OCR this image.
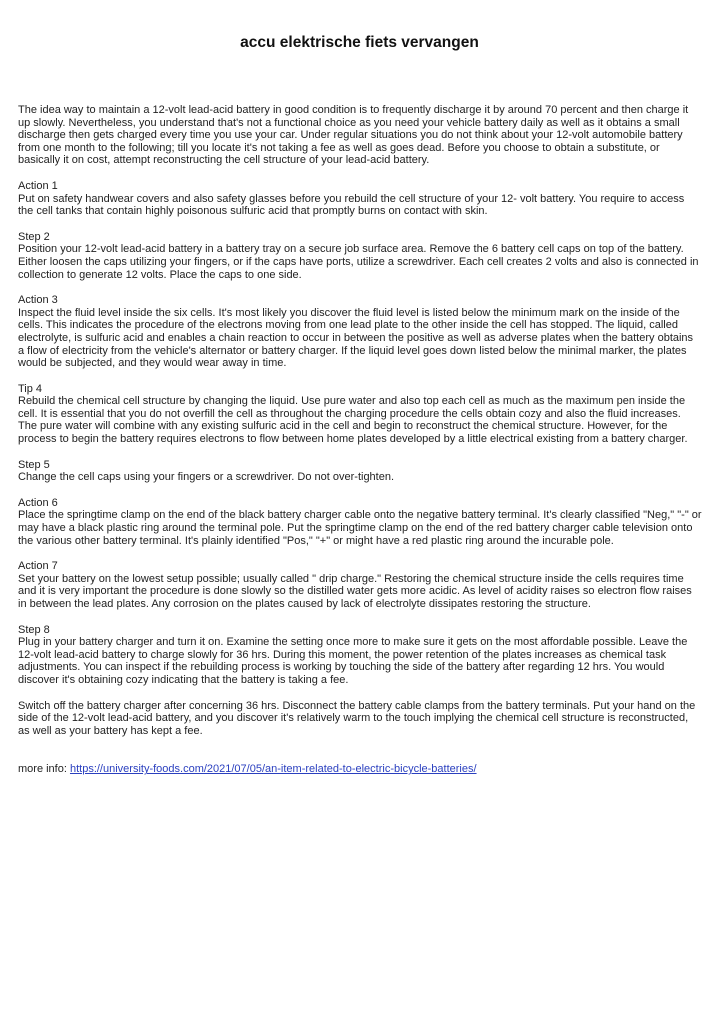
accu elektrische fiets vervangen

The idea way to maintain a 12-volt lead-acid battery in good condition is to frequently discharge it by around 70 percent and then charge it up slowly. Nevertheless, you understand that's not a functional choice as you need your vehicle battery daily as well as it obtains a small discharge then gets charged every time you use your car. Under regular situations you do not think about your 12-volt automobile battery from one month to the following; till you locate it's not taking a fee as well as goes dead. Before you choose to obtain a substitute, or basically it on cost, attempt reconstructing the cell structure of your lead-acid battery.

Action 1
Put on safety handwear covers and also safety glasses before you rebuild the cell structure of your 12- volt battery. You require to access the cell tanks that contain highly poisonous sulfuric acid that promptly burns on contact with skin.
Step 2
Position your 12-volt lead-acid battery in a battery tray on a secure job surface area. Remove the 6 battery cell caps on top of the battery. Either loosen the caps utilizing your fingers, or if the caps have ports, utilize a screwdriver. Each cell creates 2 volts and also is connected in collection to generate 12 volts. Place the caps to one side.
Action 3
Inspect the fluid level inside the six cells. It's most likely you discover the fluid level is listed below the minimum mark on the inside of the cells. This indicates the procedure of the electrons moving from one lead plate to the other inside the cell has stopped. The liquid, called electrolyte, is sulfuric acid and enables a chain reaction to occur in between the positive as well as adverse plates when the battery obtains a flow of electricity from the vehicle's alternator or battery charger. If the liquid level goes down listed below the minimal marker, the plates would be subjected, and they would wear away in time.
Tip 4
Rebuild the chemical cell structure by changing the liquid. Use pure water and also top each cell as much as the maximum pen inside the cell. It is essential that you do not overfill the cell as throughout the charging procedure the cells obtain cozy and also the fluid increases. The pure water will combine with any existing sulfuric acid in the cell and begin to reconstruct the chemical structure. However, for the process to begin the battery requires electrons to flow between home plates developed by a little electrical existing from a battery charger.
Step 5
Change the cell caps using your fingers or a screwdriver. Do not over-tighten.
Action 6
Place the springtime clamp on the end of the black battery charger cable onto the negative battery terminal. It's clearly classified "Neg," "-" or may have a black plastic ring around the terminal pole. Put the springtime clamp on the end of the red battery charger cable television onto the various other battery terminal. It's plainly identified "Pos," "+" or might have a red plastic ring around the incurable pole.
Action 7
Set your battery on the lowest setup possible; usually called " drip charge." Restoring the chemical structure inside the cells requires time and it is very important the procedure is done slowly so the distilled water gets more acidic. As level of acidity raises so electron flow raises in between the lead plates. Any corrosion on the plates caused by lack of electrolyte dissipates restoring the structure.
Step 8
Plug in your battery charger and turn it on. Examine the setting once more to make sure it gets on the most affordable possible. Leave the 12-volt lead-acid battery to charge slowly for 36 hrs. During this moment, the power retention of the plates increases as chemical task adjustments. You can inspect if the rebuilding process is working by touching the side of the battery after regarding 12 hrs. You would discover it's obtaining cozy indicating that the battery is taking a fee.

Switch off the battery charger after concerning 36 hrs. Disconnect the battery cable clamps from the battery terminals. Put your hand on the side of the 12-volt lead-acid battery, and you discover it's relatively warm to the touch implying the chemical cell structure is reconstructed, as well as your battery has kept a fee.

more info: https://university-foods.com/2021/07/05/an-item-related-to-electric-bicycle-batteries/
